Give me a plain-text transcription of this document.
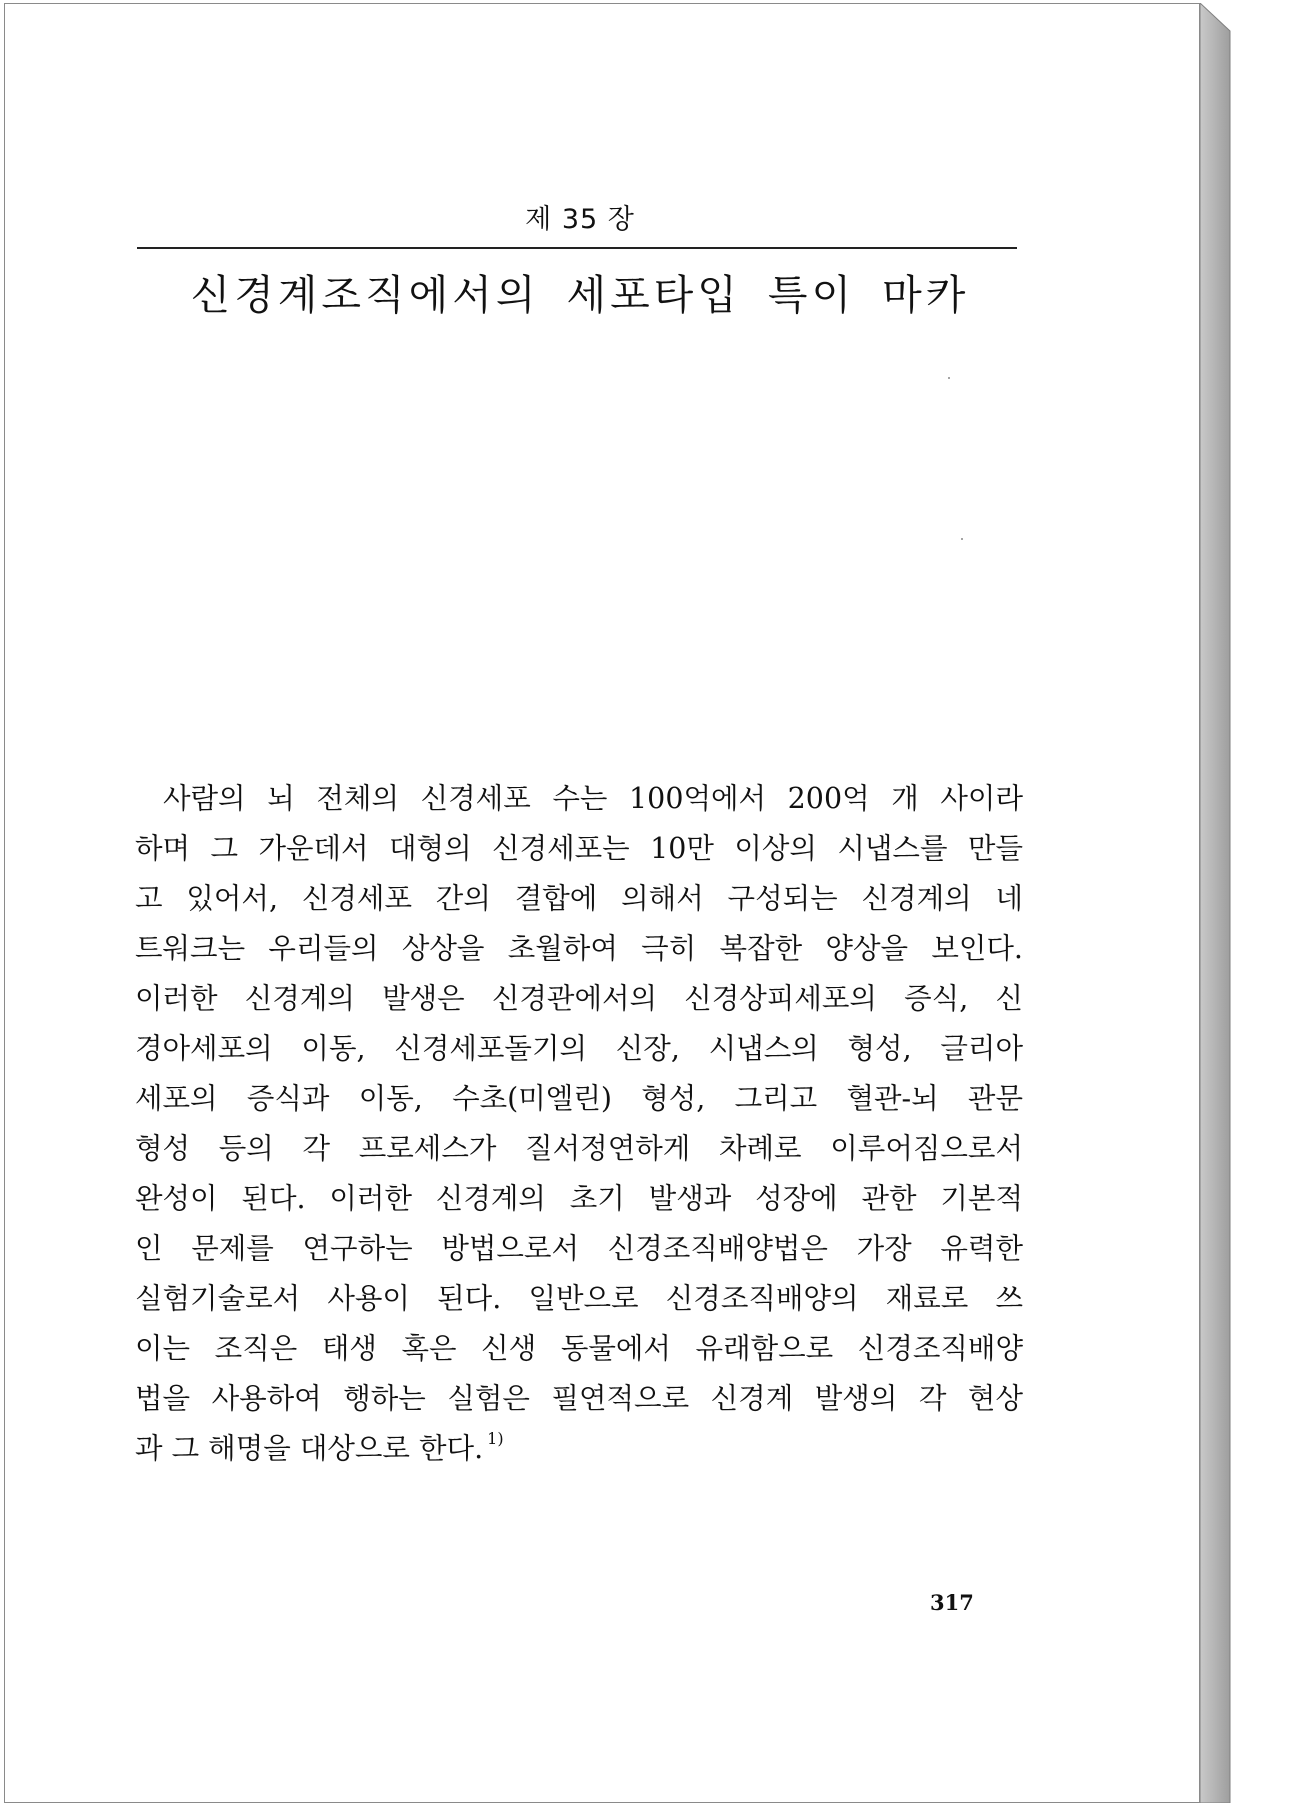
제 35 장
신경계조직에서의 세포타입 특이 마카
사람의 뇌 전체의 신경세포 수는 100억에서 200억 개 사이라
하며 그 가운데서 대형의 신경세포는 10만 이상의 시냅스를 만들
고 있어서, 신경세포 간의 결합에 의해서 구성되는 신경계의 네
트워크는 우리들의 상상을 초월하여 극히 복잡한 양상을 보인다.
이러한 신경계의 발생은 신경관에서의 신경상피세포의 증식, 신
경아세포의 이동, 신경세포돌기의 신장, 시냅스의 형성, 글리아
세포의 증식과 이동, 수초(미엘린) 형성, 그리고 혈관-뇌 관문
형성 등의 각 프로세스가 질서정연하게 차례로 이루어짐으로서
완성이 된다. 이러한 신경계의 초기 발생과 성장에 관한 기본적
인 문제를 연구하는 방법으로서 신경조직배양법은 가장 유력한
실험기술로서 사용이 된다. 일반으로 신경조직배양의 재료로 쓰
이는 조직은 태생 혹은 신생 동물에서 유래함으로 신경조직배양
법을 사용하여 행하는 실험은 필연적으로 신경계 발생의 각 현상
과 그 해명을 대상으로 한다. $^{1)}$
317
